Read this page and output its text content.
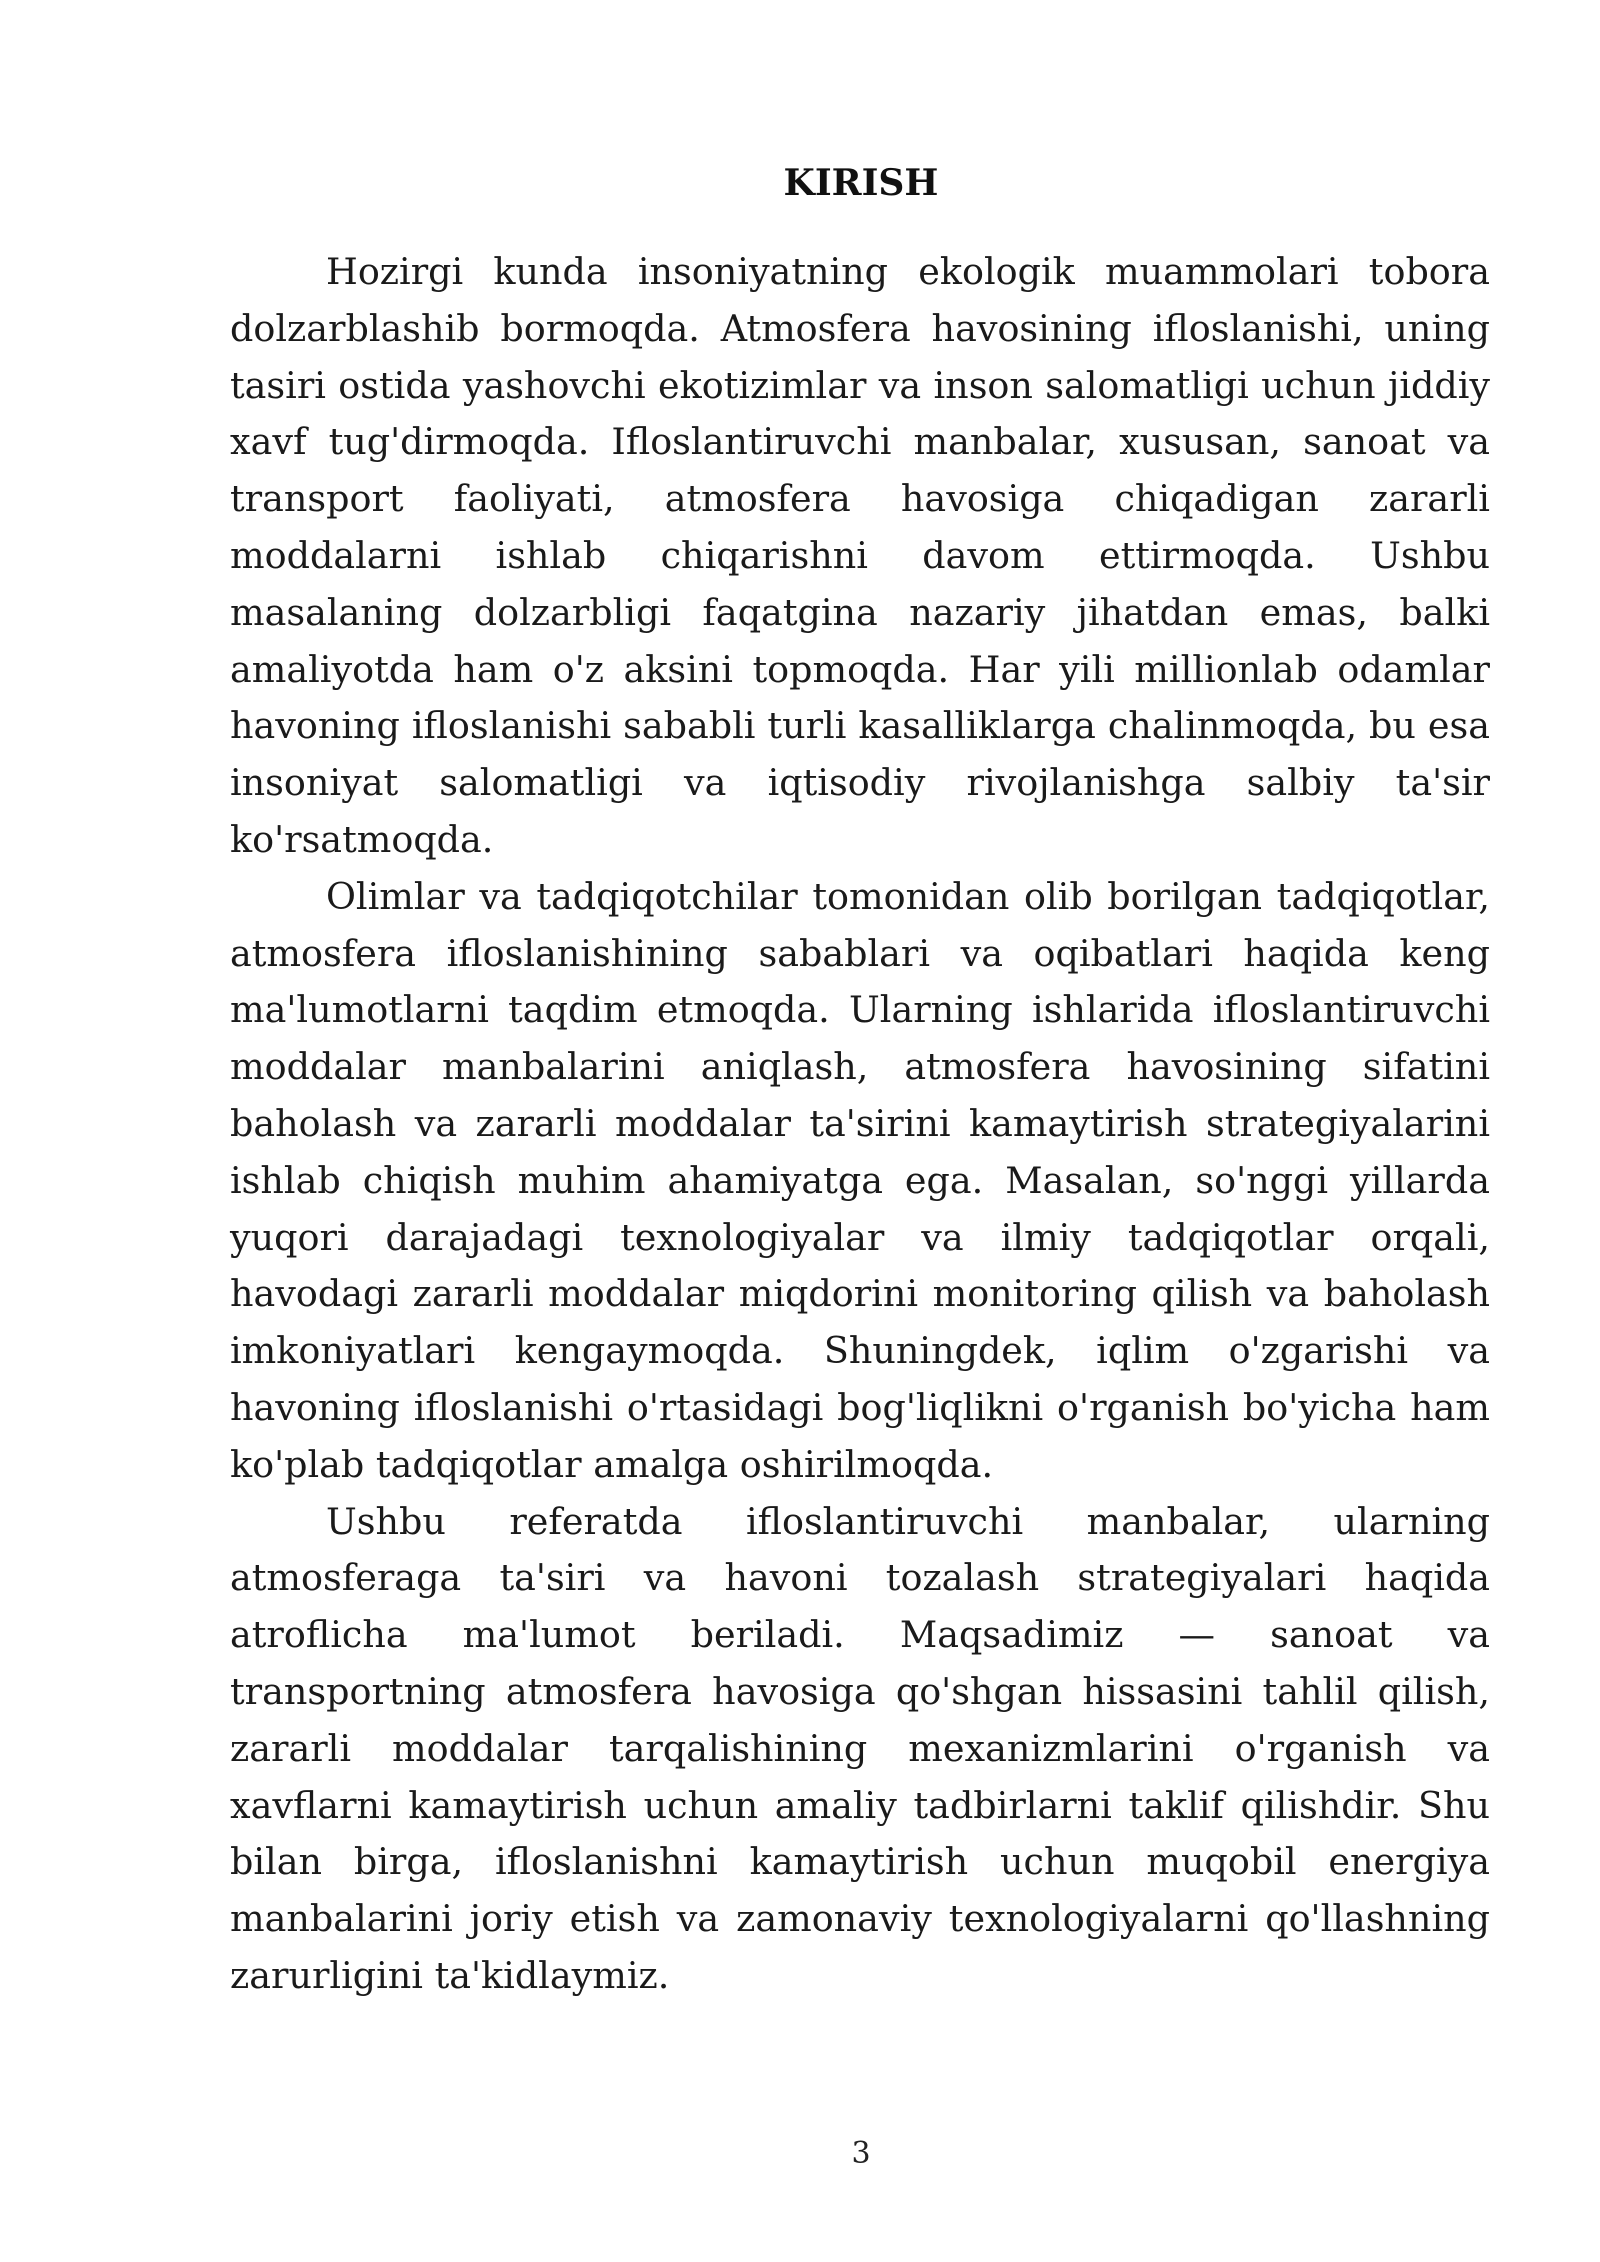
KIRISH

Hozirgi kunda insoniyatning ekologik muammolari tobora dolzarblashib bormoqda. Atmosfera havosining ifloslanishi, uning tasiri ostida yashovchi ekotizimlar va inson salomatligi uchun jiddiy xavf tug'dirmoqda. Ifloslantiruvchi manbalar, xususan, sanoat va transport faoliyati, atmosfera havosiga chiqadigan zararli moddalarni ishlab chiqarishni davom ettirmoqda. Ushbu masalaning dolzarbligi faqatgina nazariy jihatdan emas, balki amaliyotda ham o'z aksini topmoqda. Har yili millionlab odamlar havoning ifloslanishi sababli turli kasalliklarga chalinmoqda, bu esa insoniyat salomatligi va iqtisodiy rivojlanishga salbiy ta'sir ko'rsatmoqda.

Olimlar va tadqiqotchilar tomonidan olib borilgan tadqiqotlar, atmosfera ifloslanishining sabablari va oqibatlari haqida keng ma'lumotlarni taqdim etmoqda. Ularning ishlarida ifloslantiruvchi moddalar manbalarini aniqlash, atmosfera havosining sifatini baholash va zararli moddalar ta'sirini kamaytirish strategiyalarini ishlab chiqish muhim ahamiyatga ega. Masalan, so'nggi yillarda yuqori darajadagi texnologiyalar va ilmiy tadqiqotlar orqali, havodagi zararli moddalar miqdorini monitoring qilish va baholash imkoniyatlari kengaymoqda. Shuningdek, iqlim o'zgarishi va havoning ifloslanishi o'rtasidagi bog'liqlikni o'rganish bo'yicha ham ko'plab tadqiqotlar amalga oshirilmoqda.

Ushbu referatda ifloslantiruvchi manbalar, ularning atmosferaga ta'siri va havoni tozalash strategiyalari haqida atroflicha ma'lumot beriladi. Maqsadimiz — sanoat va transportning atmosfera havosiga qo'shgan hissasini tahlil qilish, zararli moddalar tarqalishining mexanizmlarini o'rganish va xavflarni kamaytirish uchun amaliy tadbirlarni taklif qilishdir. Shu bilan birga, ifloslanishni kamaytirish uchun muqobil energiya manbalarini joriy etish va zamonaviy texnologiyalarni qo'llashning zarurligini ta'kidlaymiz.

3
